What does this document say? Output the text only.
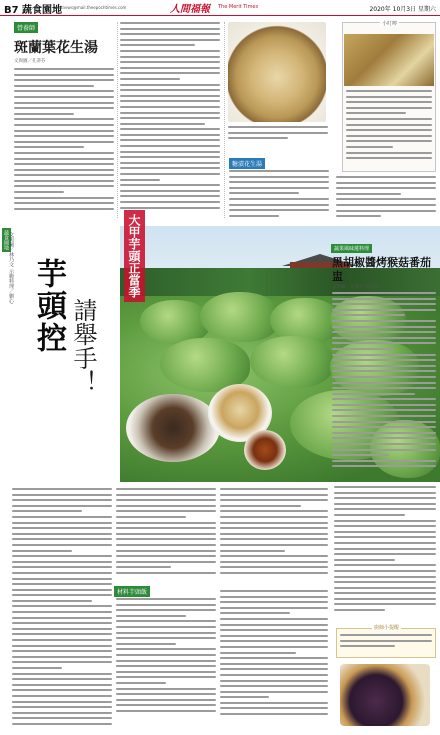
B7 蔬食園地
hotnews@mail.theepochtimes.com	人間福報 The Merit Times	2020年 10月3日 星期六
營養師
斑蘭葉花生湯
文與圖／孔蒂芬
小叮嚀
糖漬花生湯
蔬食園地 文與圖／林乃文 示範料理／劉心 芋頭控 請舉手！
大甲芋頭正當季	蔬果風味蓮料理
黑胡椒醬烤猴菇番茄盅
文與圖／吳慧文·吳長洪
材料芋頭飯
廚師小提醒
